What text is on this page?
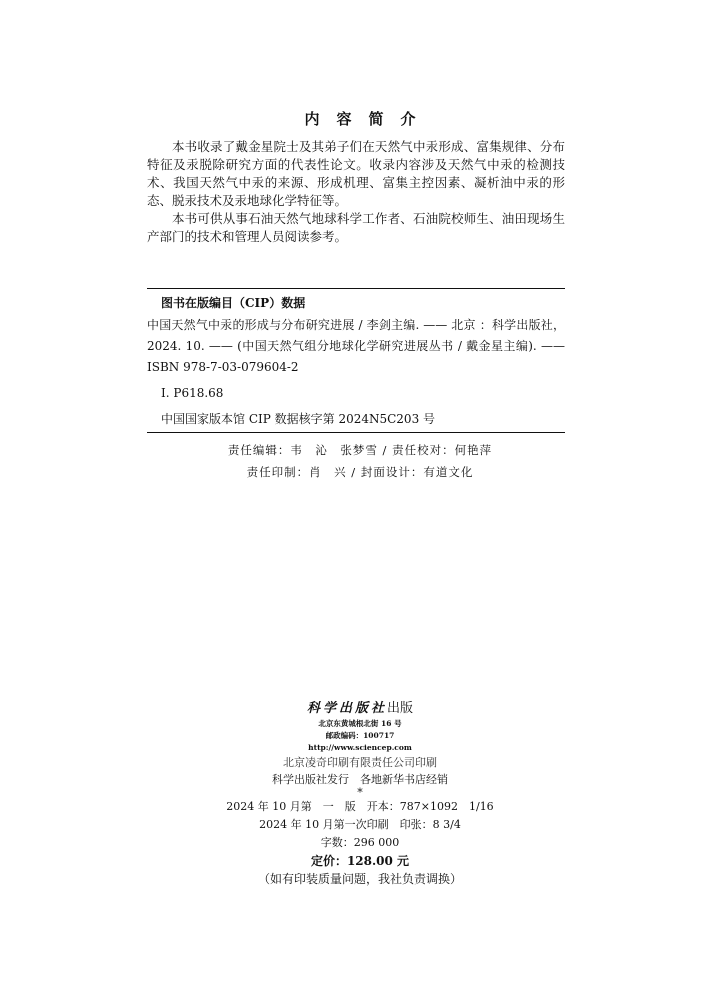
内容简介

本书收录了戴金星院士及其弟子们在天然气中汞形成、富集规律、分布特征及汞脱除研究方面的代表性论文。收录内容涉及天然气中汞的检测技术、我国天然气中汞的来源、形成机理、富集主控因素、凝析油中汞的形态、脱汞技术及汞地球化学特征等。

本书可供从事石油天然气地球科学工作者、石油院校师生、油田现场生产部门的技术和管理人员阅读参考。

图书在版编目（CIP）数据
中国天然气中汞的形成与分布研究进展 / 李剑主编. —— 北京 ：科学出版社，2024. 10. —— (中国天然气组分地球化学研究进展丛书 / 戴金星主编). —— ISBN 978-7-03-079604-2
Ⅰ. P618.68
中国国家版本馆 CIP 数据核字第 2024N5C203 号
责任编辑：韦　沁　张梦雪 / 责任校对：何艳萍
责任印制：肖　兴 / 封面设计：有道文化
科学出版社出版
北京东黄城根北街 16 号
邮政编码：100717
http://www.sciencep.com
北京凌奇印刷有限责任公司印刷
科学出版社发行　各地新华书店经销
*
2024 年 10 月第　一　版　开本：787×1092　1/16
2024 年 10 月第一次印刷　印张：8 3/4
字数：296 000
定价：128.00 元
（如有印装质量问题，我社负责调换）
